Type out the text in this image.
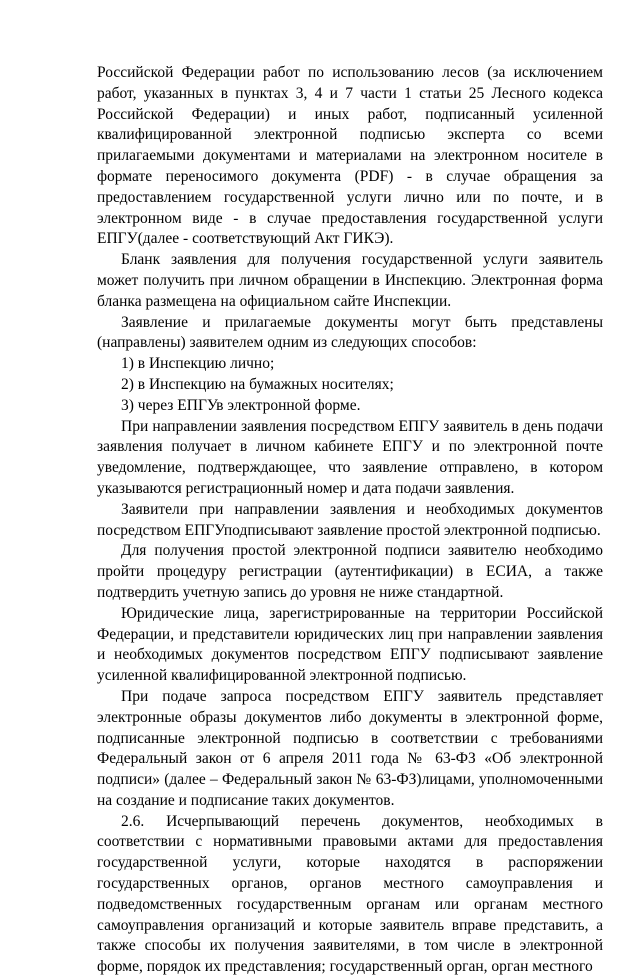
Российской Федерации работ по использованию лесов (за исключением работ, указанных в пунктах 3, 4 и 7 части 1 статьи 25 Лесного кодекса Российской Федерации) и иных работ, подписанный усиленной квалифицированной электронной подписью эксперта со всеми прилагаемыми документами и материалами на электронном носителе в формате переносимого документа (PDF) - в случае обращения за предоставлением государственной услуги лично или по почте, и в электронном виде - в случае предоставления государственной услуги ЕПГУ(далее - соответствующий Акт ГИКЭ).

Бланк заявления для получения государственной услуги заявитель может получить при личном обращении в Инспекцию. Электронная форма бланка размещена на официальном сайте Инспекции.

Заявление и прилагаемые документы могут быть представлены (направлены) заявителем одним из следующих способов:

1) в Инспекцию лично;

2) в Инспекцию на бумажных носителях;

3) через ЕПГУв электронной форме.

При направлении заявления посредством ЕПГУ заявитель в день подачи заявления получает в личном кабинете ЕПГУ и по электронной почте уведомление, подтверждающее, что заявление отправлено, в котором указываются регистрационный номер и дата подачи заявления.

Заявители при направлении заявления и необходимых документов посредством ЕПГУподписывают заявление простой электронной подписью.

Для получения простой электронной подписи заявителю необходимо пройти процедуру регистрации (аутентификации) в ЕСИА, а также подтвердить учетную запись до уровня не ниже стандартной.

Юридические лица, зарегистрированные на территории Российской Федерации, и представители юридических лиц при направлении заявления и необходимых документов посредством ЕПГУ подписывают заявление усиленной квалифицированной электронной подписью.

При подаче запроса посредством ЕПГУ заявитель представляет электронные образы документов либо документы в электронной форме, подписанные электронной подписью в соответствии с требованиями Федеральный закон от 6 апреля 2011 года № 63-ФЗ «Об электронной подписи» (далее – Федеральный закон № 63-ФЗ)лицами, уполномоченными на создание и подписание таких документов.

2.6. Исчерпывающий перечень документов, необходимых в соответствии с нормативными правовыми актами для предоставления государственной услуги, которые находятся в распоряжении государственных органов, органов местного самоуправления и подведомственных государственным органам или органам местного самоуправления организаций и которые заявитель вправе представить, а также способы их получения заявителями, в том числе в электронной форме, порядок их представления; государственный орган, орган местного
